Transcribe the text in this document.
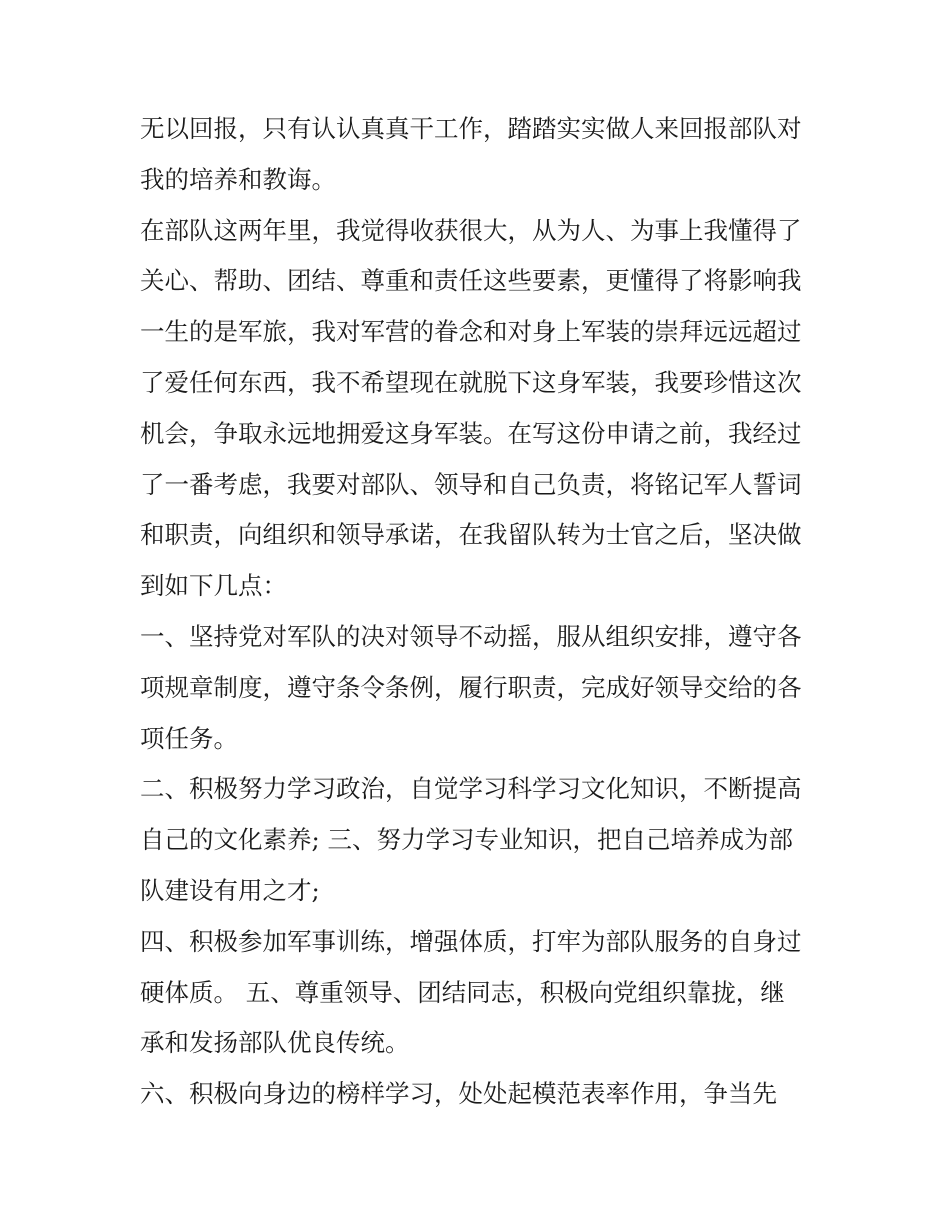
无以回报，只有认认真真干工作，踏踏实实做人来回报部队对
我的培养和教诲。
在部队这两年里，我觉得收获很大，从为人、为事上我懂得了
关心、帮助、团结、尊重和责任这些要素，更懂得了将影响我
一生的是军旅，我对军营的眷念和对身上军装的崇拜远远超过
了爱任何东西，我不希望现在就脱下这身军装，我要珍惜这次
机会，争取永远地拥爱这身军装。在写这份申请之前，我经过
了一番考虑，我要对部队、领导和自己负责，将铭记军人誓词
和职责，向组织和领导承诺，在我留队转为士官之后，坚决做
到如下几点：
一、坚持党对军队的决对领导不动摇，服从组织安排，遵守各
项规章制度，遵守条令条例，履行职责，完成好领导交给的各
项任务。
二、积极努力学习政治，自觉学习科学习文化知识，不断提高
自己的文化素养; 三、努力学习专业知识，把自己培养成为部
队建设有用之才;
四、积极参加军事训练，增强体质，打牢为部队服务的自身过
硬体质。 五、尊重领导、团结同志，积极向党组织靠拢，继
承和发扬部队优良传统。
六、积极向身边的榜样学习，处处起模范表率作用，争当先
